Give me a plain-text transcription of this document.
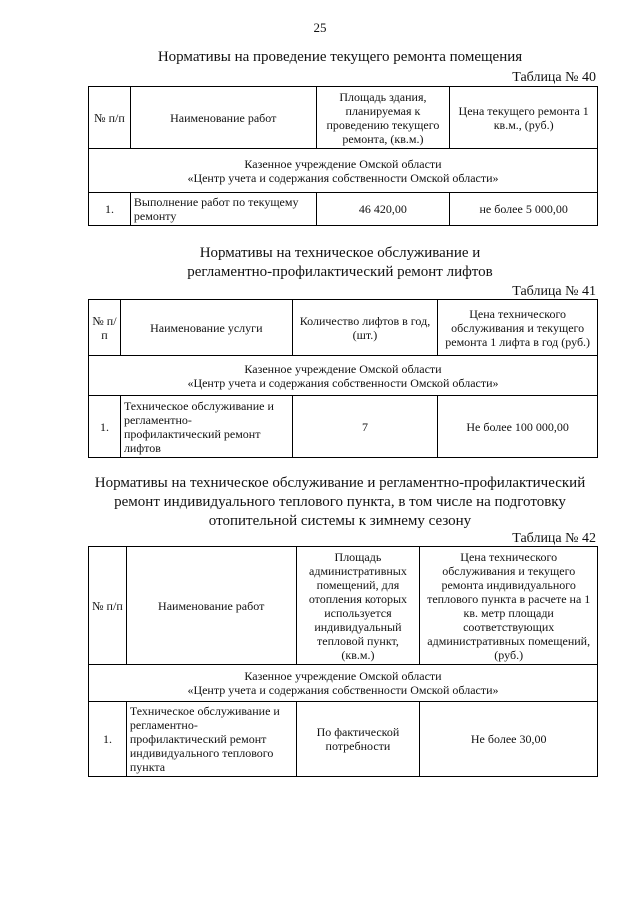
25
Нормативы на проведение текущего ремонта помещения
Таблица № 40
№ п/п	Наименование работ	Площадь здания, планируемая к проведению текущего ремонта, (кв.м.)	Цена текущего ремонта 1 кв.м., (руб.)

Казенное учреждение Омской области
«Центр учета и содержания собственности Омской области»			

1.	Выполнение работ по текущему ремонту	46 420,00	не более 5 000,00
Нормативы на техническое обслуживание и
регламентно-профилактический ремонт лифтов
Таблица № 41
№ п/п	Наименование услуги	Количество лифтов в год, (шт.)	Цена технического обслуживания и текущего ремонта 1 лифта в год (руб.)

Казенное учреждение Омской области
«Центр учета и содержания собственности Омской области»			

1.	Техническое обслуживание и регламентно-профилактический ремонт лифтов	7	Не более 100 000,00
Нормативы на техническое обслуживание и регламентно-профилактический
ремонт индивидуального теплового пункта, в том числе на подготовку
отопительной системы к зимнему сезону
Таблица № 42
№ п/п	Наименование работ	Площадь административных помещений, для отопления которых используется индивидуальный тепловой пункт, (кв.м.)	Цена технического обслуживания и текущего ремонта индивидуального теплового пункта в расчете на 1 кв. метр площади соответствующих административных помещений, (руб.)

Казенное учреждение Омской области
«Центр учета и содержания собственности Омской области»			

1.	Техническое обслуживание и регламентно-профилактический ремонт индивидуального теплового пункта	По фактической потребности	Не более 30,00
